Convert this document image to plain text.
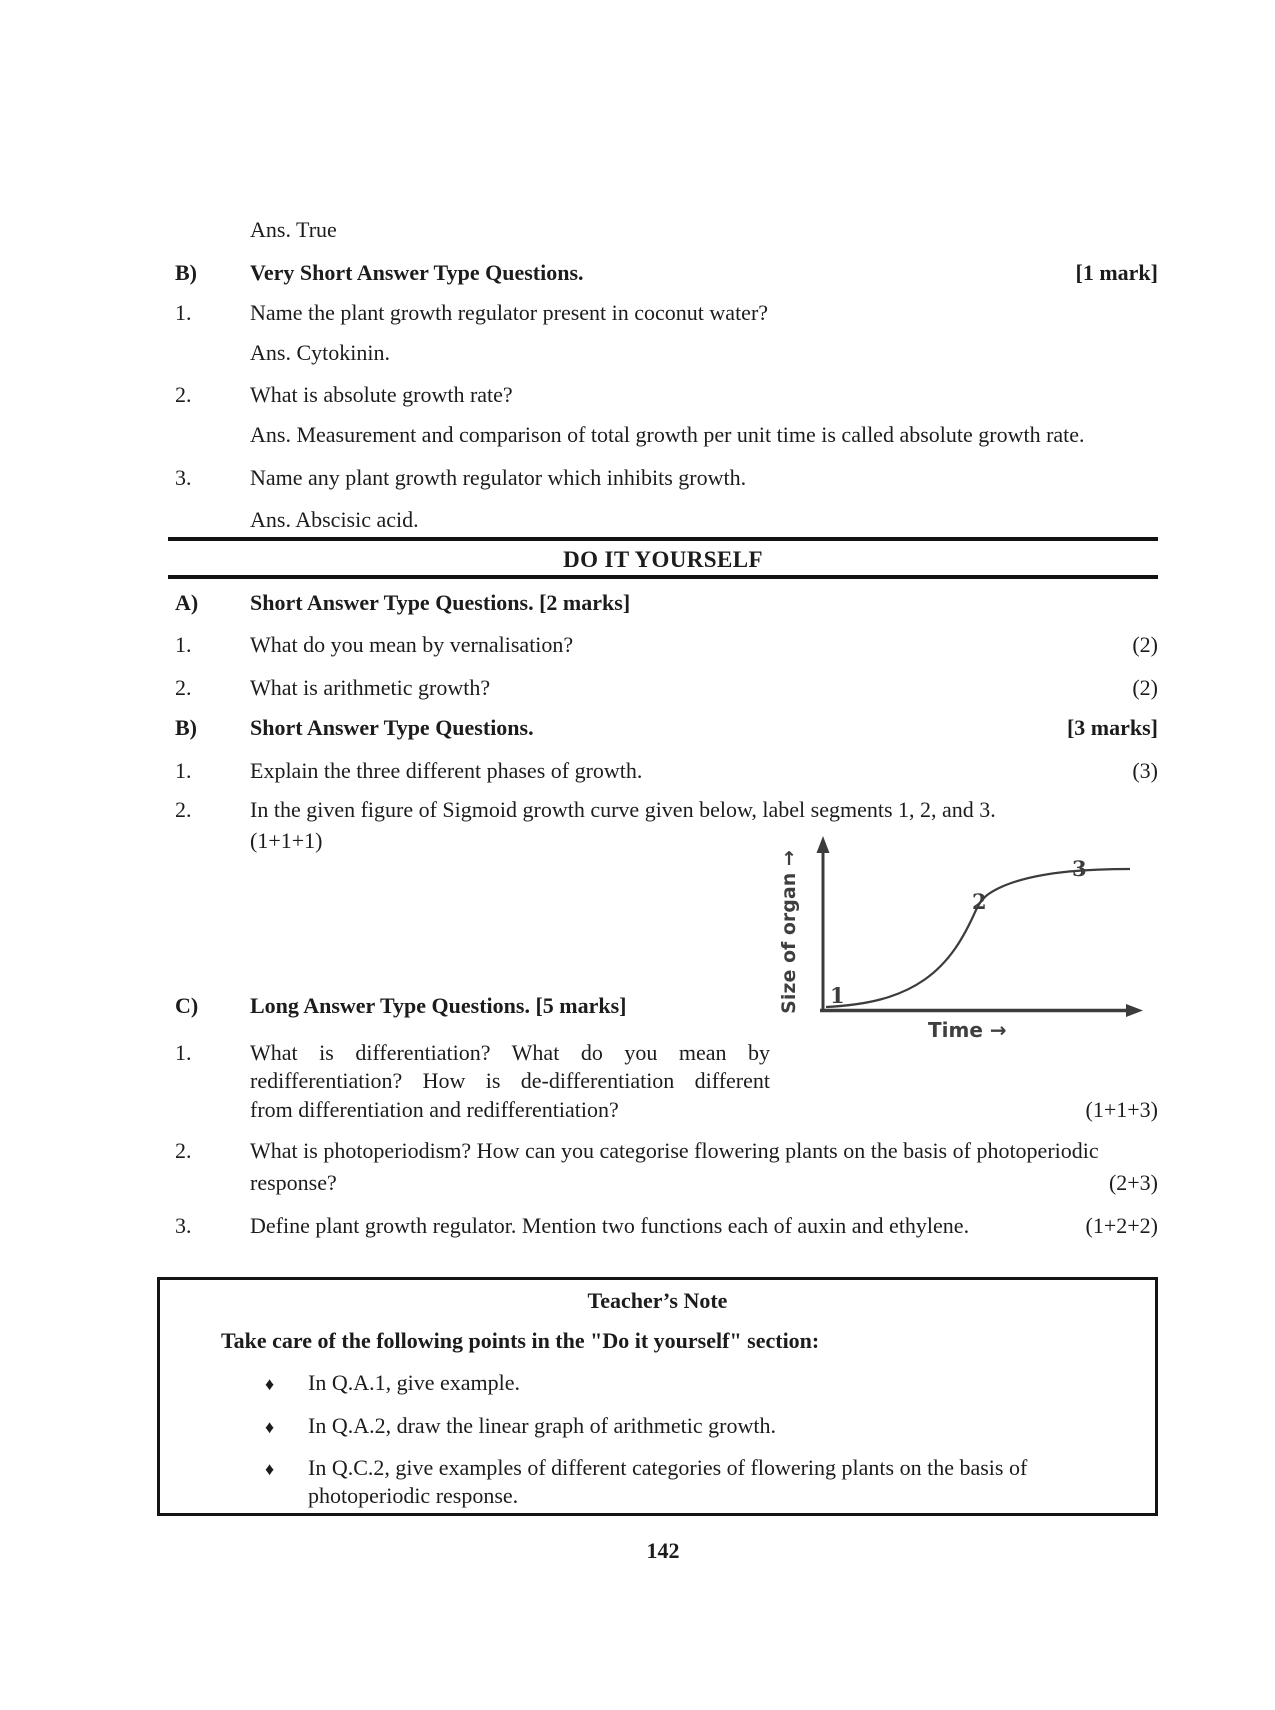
Ans. True
B) Very Short Answer Type Questions.	[1 mark]
1.	Name the plant growth regulator present in coconut water?
Ans. Cytokinin.
2.	What is absolute growth rate?
Ans. Measurement and comparison of total growth per unit time is called absolute growth rate.
3.	Name any plant growth regulator which inhibits growth.
Ans. Abscisic acid.
DO IT YOURSELF
A) Short Answer Type Questions. [2 marks]
1.	What do you mean by vernalisation?	(2)
2.	What is arithmetic growth?	(2)
B) Short Answer Type Questions.	[3 marks]
1.	Explain the three different phases of growth.	(3)
2.	In the given figure of Sigmoid growth curve given below, label segments 1, 2, and 3.
(1+1+1)
1
2
3
Size of organ →
Time →
C) Long Answer Type Questions. [5 marks]
1.	What is differentiation? What do you mean by
redifferentiation? How is de-differentiation different
from differentiation and redifferentiation?	(1+1+3)
2.	What is photoperiodism? How can you categorise flowering plants on the basis of photoperiodic
response?	(2+3)
3.	Define plant growth regulator. Mention two functions each of auxin and ethylene.	(1+2+2)
Teacher’s Note
Take care of the following points in the "Do it yourself" section:
♦ In Q.A.1, give example.
♦ In Q.A.2, draw the linear graph of arithmetic growth.
♦ In Q.C.2, give examples of different categories of flowering plants on the basis of
photoperiodic response.
142
